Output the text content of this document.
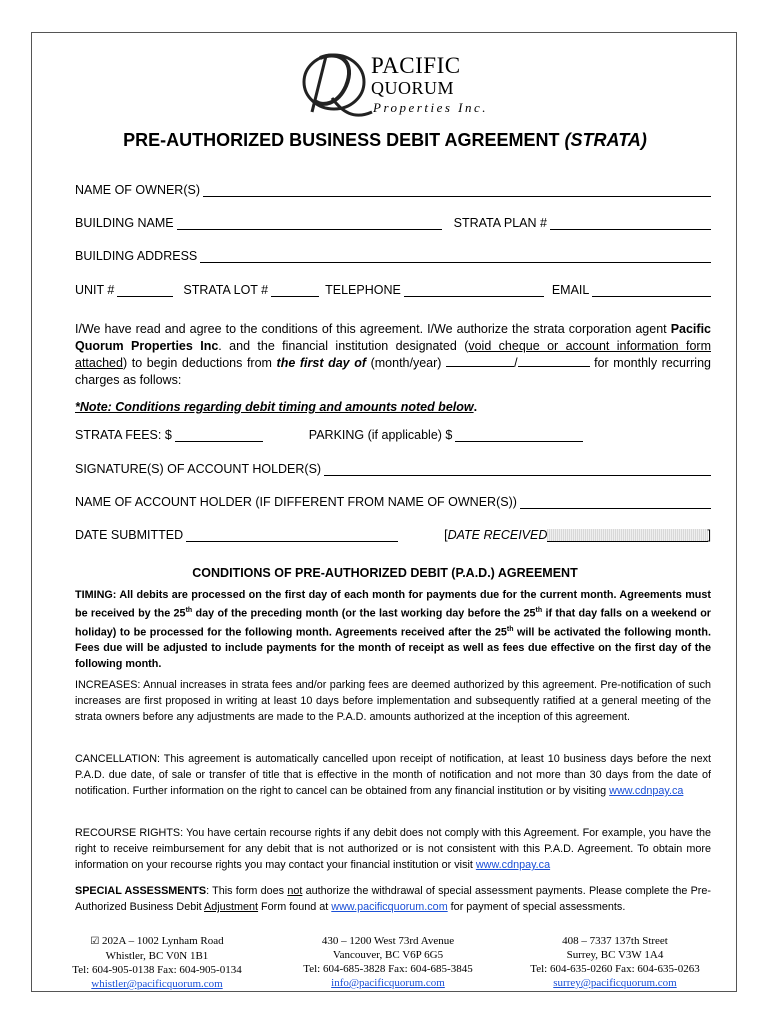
PACIFIC
QUORUM
Properties Inc.
PRE-AUTHORIZED BUSINESS DEBIT AGREEMENT (STRATA)
NAME OF OWNER(S)
BUILDING NAME	STRATA PLAN #
BUILDING ADDRESS
UNIT #	STRATA LOT #	TELEPHONE	EMAIL
I/We have read and agree to the conditions of this agreement. I/We authorize the strata corporation agent Pacific Quorum Properties Inc. and the financial institution designated (void cheque or account information form attached) to begin deductions from the first day of (month/year)	/	for monthly recurring charges as follows:
*Note: Conditions regarding debit timing and amounts noted below.
STRATA FEES: $	PARKING (if applicable) $
SIGNATURE(S) OF ACCOUNT HOLDER(S)
NAME OF ACCOUNT HOLDER (IF DIFFERENT FROM NAME OF OWNER(S))
DATE SUBMITTED	[ DATE RECEIVED	]
CONDITIONS OF PRE-AUTHORIZED DEBIT (P.A.D.) AGREEMENT
TIMING: All debits are processed on the first day of each month for payments due for the current month. Agreements must be received by the 25th day of the preceding month (or the last working day before the 25th if that day falls on a weekend or holiday) to be processed for the following month. Agreements received after the 25th will be activated the following month. Fees due will be adjusted to include payments for the month of receipt as well as fees due effective on the first day of the following month.
INCREASES: Annual increases in strata fees and/or parking fees are deemed authorized by this agreement. Pre-notification of such increases are first proposed in writing at least 10 days before implementation and subsequently ratified at a general meeting of the strata owners before any adjustments are made to the P.A.D. amounts authorized at the inception of this agreement.
CANCELLATION: This agreement is automatically cancelled upon receipt of notification, at least 10 business days before the next P.A.D. due date, of sale or transfer of title that is effective in the month of notification and not more than 30 days from the date of notification. Further information on the right to cancel can be obtained from any financial institution or by visiting www.cdnpay.ca
RECOURSE RIGHTS: You have certain recourse rights if any debit does not comply with this Agreement. For example, you have the right to receive reimbursement for any debit that is not authorized or is not consistent with this P.A.D. Agreement. To obtain more information on your recourse rights you may contact your financial institution or visit www.cdnpay.ca
SPECIAL ASSESSMENTS: This form does not authorize the withdrawal of special assessment payments. Please complete the Pre-Authorized Business Debit Adjustment Form found at www.pacificquorum.com for payment of special assessments.
☑ 202A – 1002 Lynham Road
Whistler, BC V0N 1B1
Tel: 604-905-0138 Fax: 604-905-0134
whistler@pacificquorum.com
430 – 1200 West 73rd Avenue
Vancouver, BC V6P 6G5
Tel: 604-685-3828 Fax: 604-685-3845
info@pacificquorum.com
408 – 7337 137th Street
Surrey, BC V3W 1A4
Tel: 604-635-0260 Fax: 604-635-0263
surrey@pacificquorum.com
